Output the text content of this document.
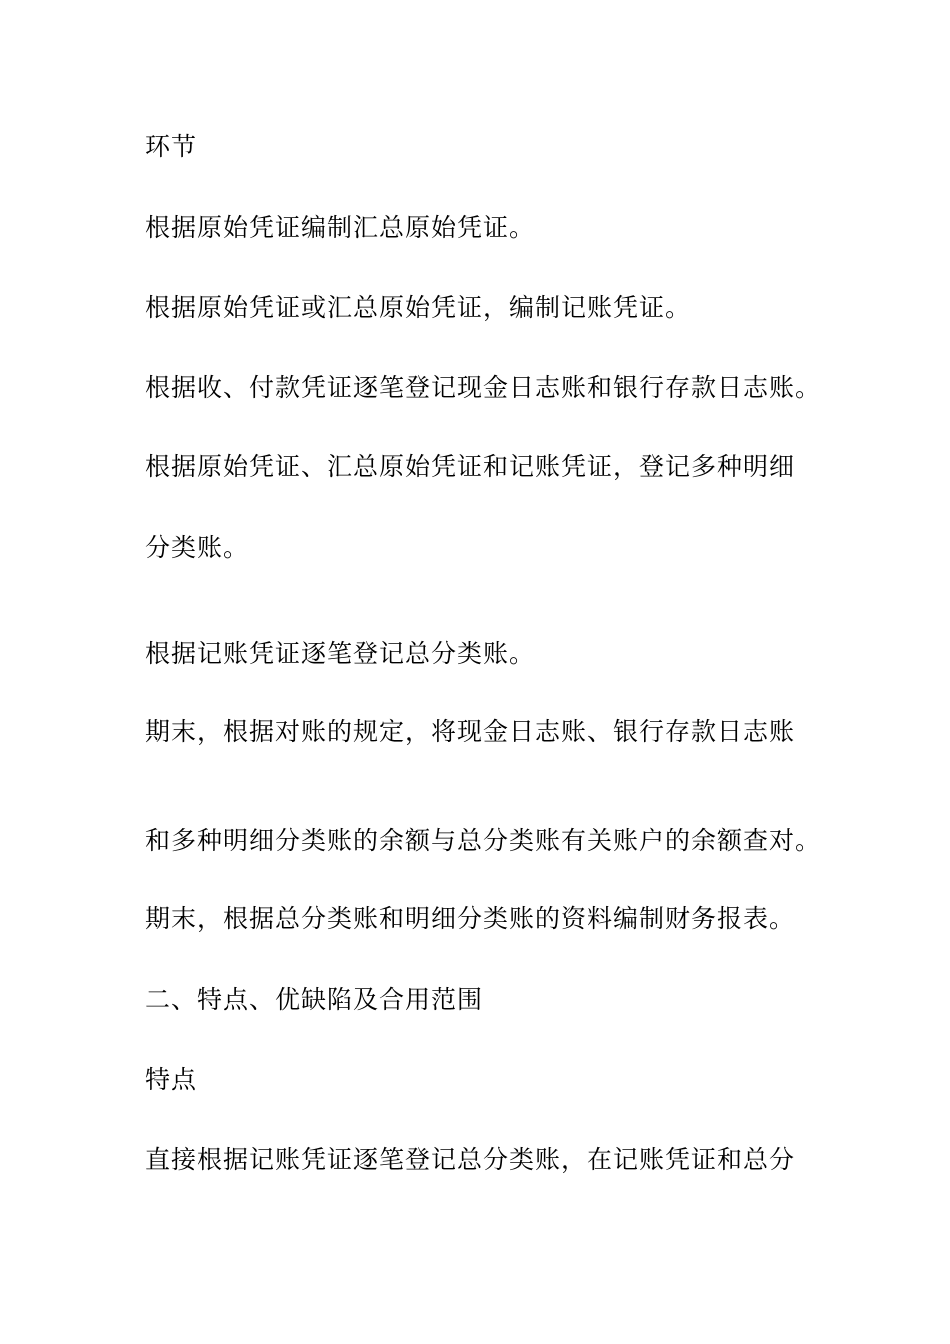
环节
根据原始凭证编制汇总原始凭证。
根据原始凭证或汇总原始凭证，编制记账凭证。
根据收、付款凭证逐笔登记现金日志账和银行存款日志账。
根据原始凭证、汇总原始凭证和记账凭证，登记多种明细
分类账。
根据记账凭证逐笔登记总分类账。
期末，根据对账的规定，将现金日志账、银行存款日志账
和多种明细分类账的余额与总分类账有关账户的余额查对。
期末，根据总分类账和明细分类账的资料编制财务报表。
二、特点、优缺陷及合用范围
特点
直接根据记账凭证逐笔登记总分类账，在记账凭证和总分
